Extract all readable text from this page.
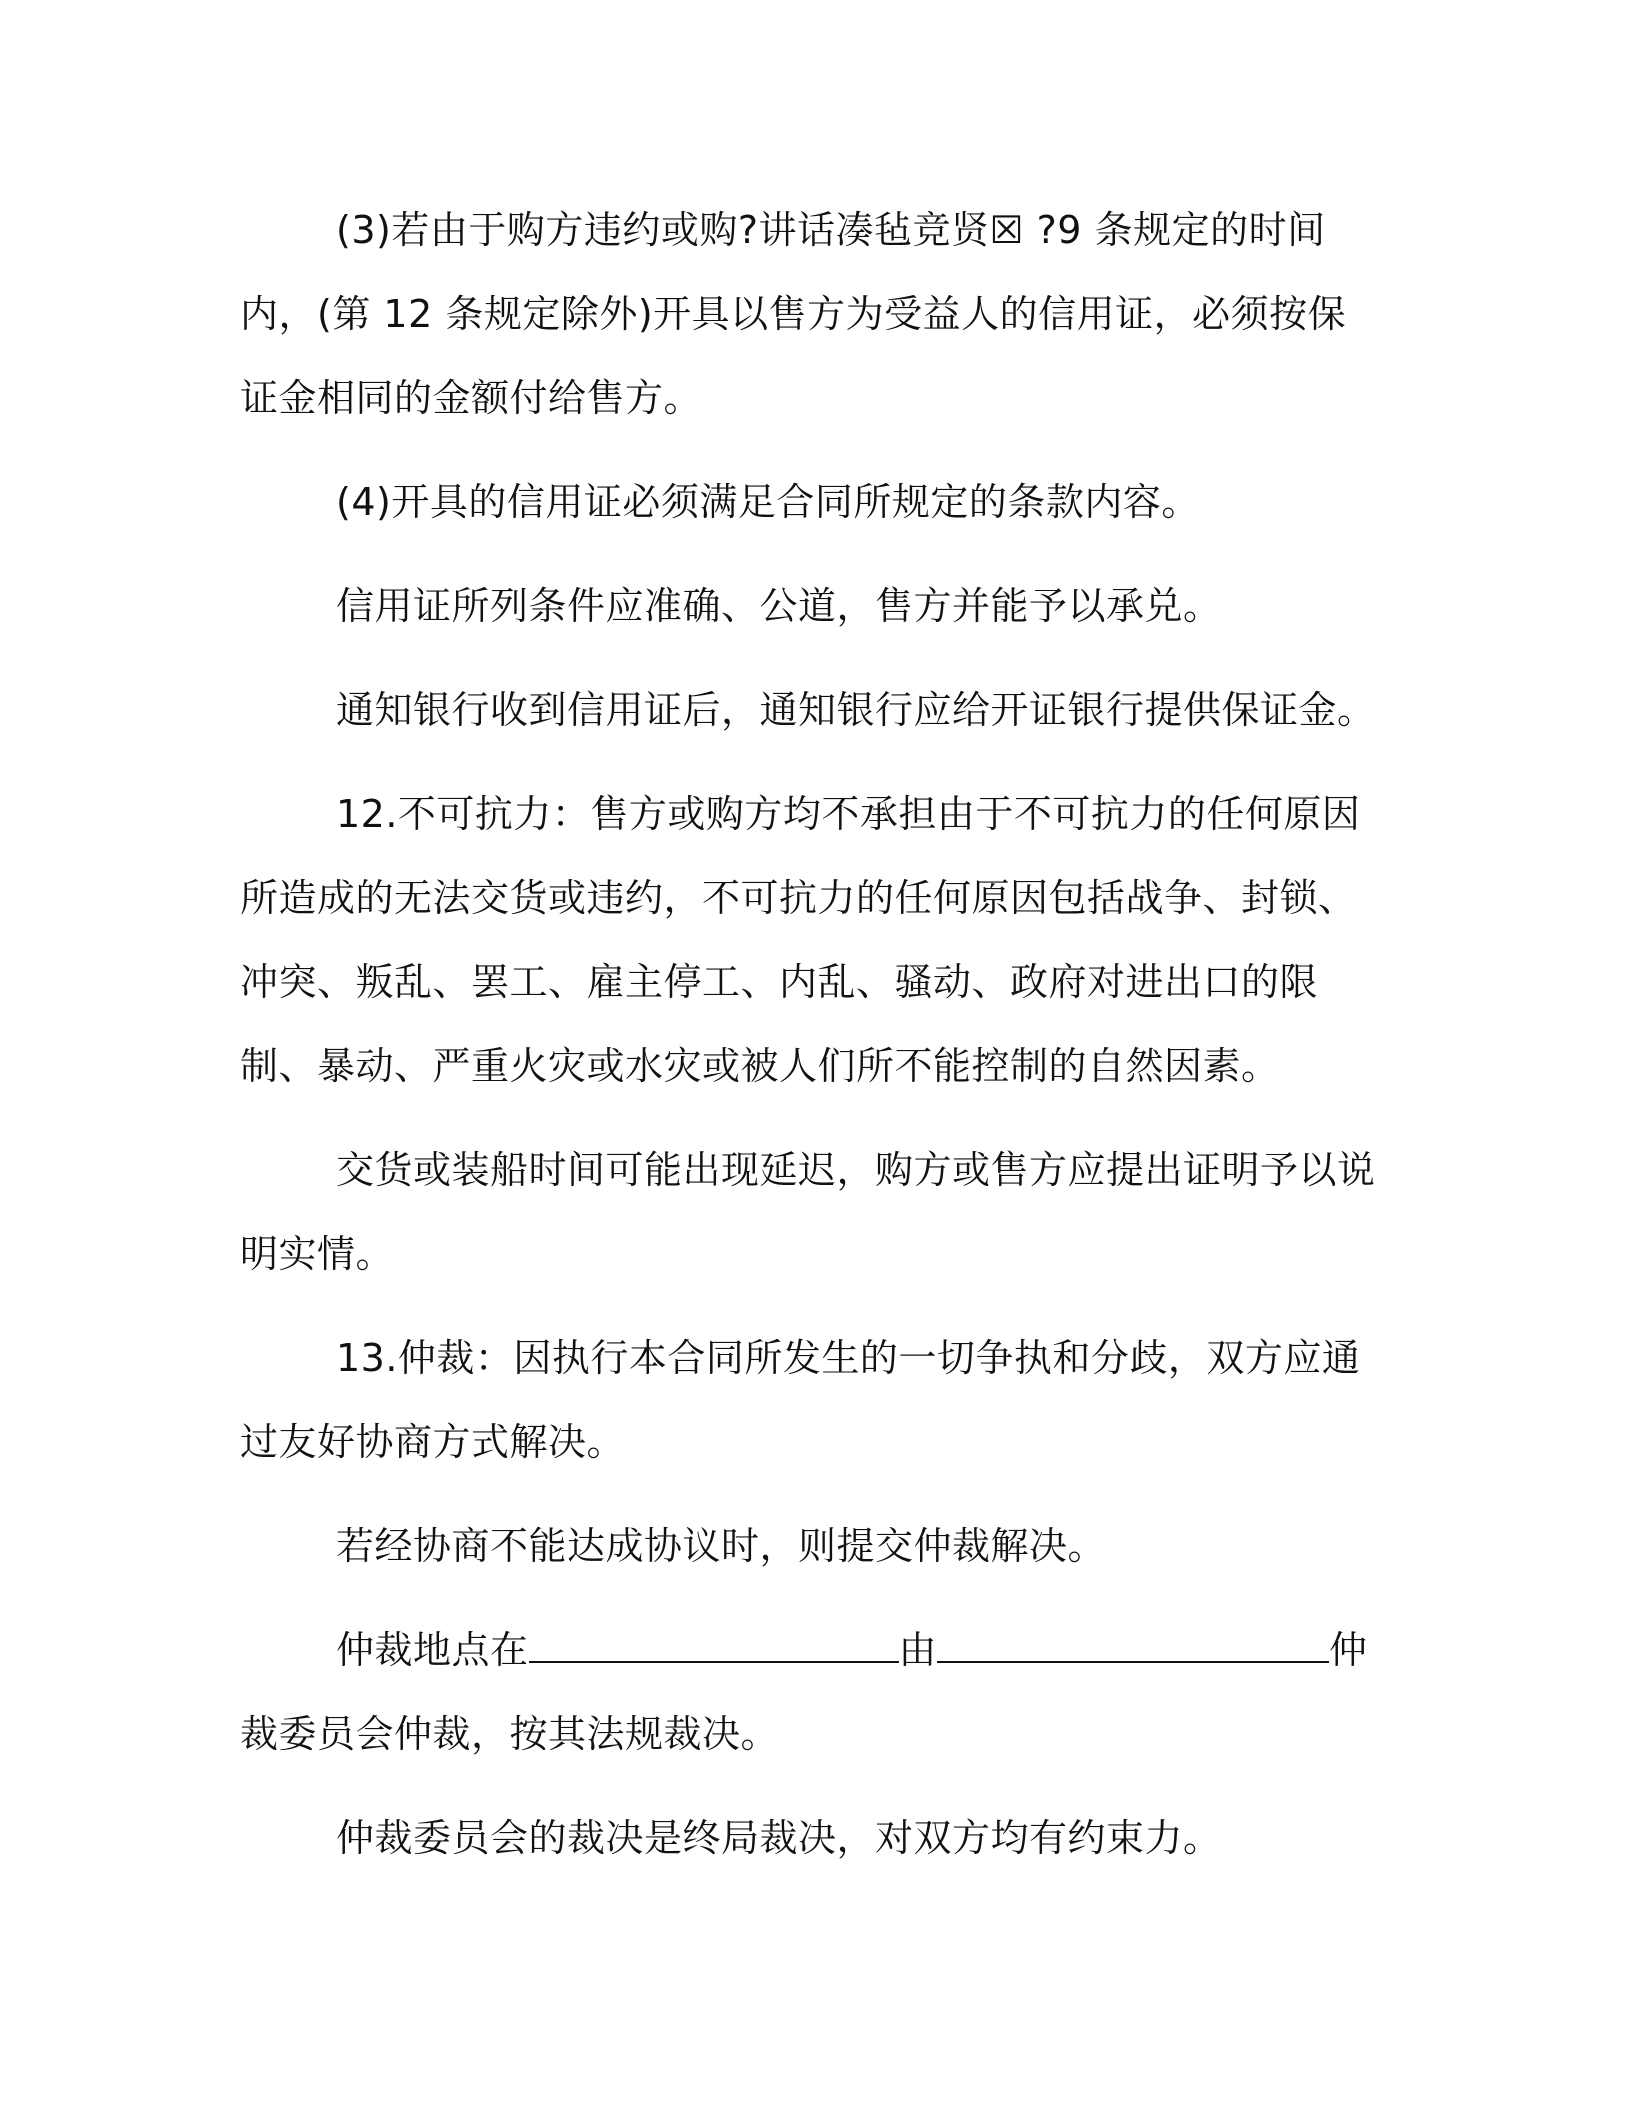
(3)若由于购方违约或购?讲话凑毡竞贤☒ ?9 条规定的时间内，(第 12 条规定除外)开具以售方为受益人的信用证，必须按保证金相同的金额付给售方。

(4)开具的信用证必须满足合同所规定的条款内容。

信用证所列条件应准确、公道，售方并能予以承兑。

通知银行收到信用证后，通知银行应给开证银行提供保证金。

12.不可抗力：售方或购方均不承担由于不可抗力的任何原因所造成的无法交货或违约，不可抗力的任何原因包括战争、封锁、冲突、叛乱、罢工、雇主停工、内乱、骚动、政府对进出口的限制、暴动、严重火灾或水灾或被人们所不能控制的自然因素。

交货或装船时间可能出现延迟，购方或售方应提出证明予以说明实情。

13.仲裁：因执行本合同所发生的一切争执和分歧，双方应通过友好协商方式解决。

若经协商不能达成协议时，则提交仲裁解决。

仲裁地点在	由	仲裁委员会仲裁，按其法规裁决。

仲裁委员会的裁决是终局裁决，对双方均有约束力。
